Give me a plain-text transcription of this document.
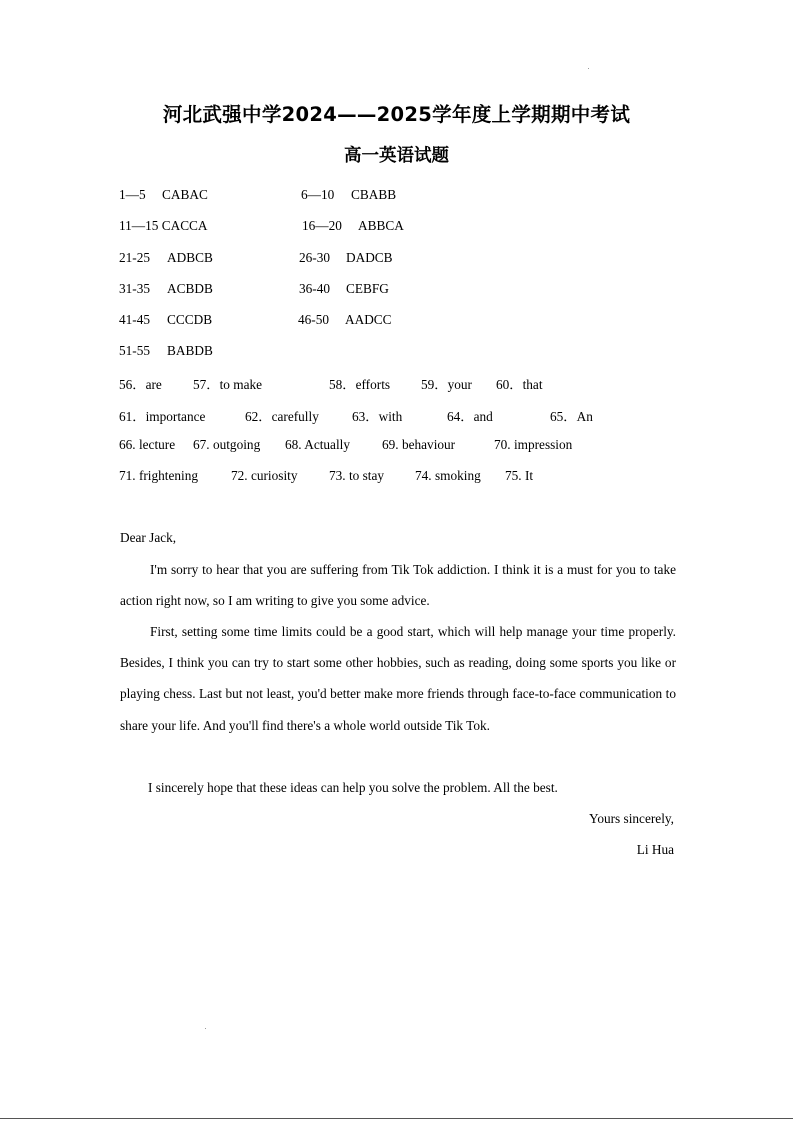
河北武强中学2024——2025学年度上学期期中考试
高一英语试题
1—5 CABAC	6—10 CBABB
11—15 CACCA	16—20 ABBCA
21-25 ADBCB	26-30 DADCB
31-35 ACBDB	36-40 CEBFG
41-45 CCCDB	46-50 AADCC
51-55 BABDB
56．are 57．to make	58．efforts 59．your 60．that
61．importance	62．carefully 63．with	64．and	65．An
66. lecture 67. outgoing 68. Actually 69. behaviour	70. impression
71. frightening 72. curiosity 73. to stay 74. smoking 75. It
Dear Jack,

I'm sorry to hear that you are suffering from Tik Tok addiction. I think it is a must for you to take action right now, so I am writing to give you some advice.

First, setting some time limits could be a good start, which will help manage your time properly. Besides, I think you can try to start some other hobbies, such as reading, doing some sports you like or playing chess. Last but not least, you'd better make more friends through face-to-face communication to share your life. And you'll find there's a whole world outside Tik Tok.

I sincerely hope that these ideas can help you solve the problem. All the best.
Yours sincerely,
Li Hua
